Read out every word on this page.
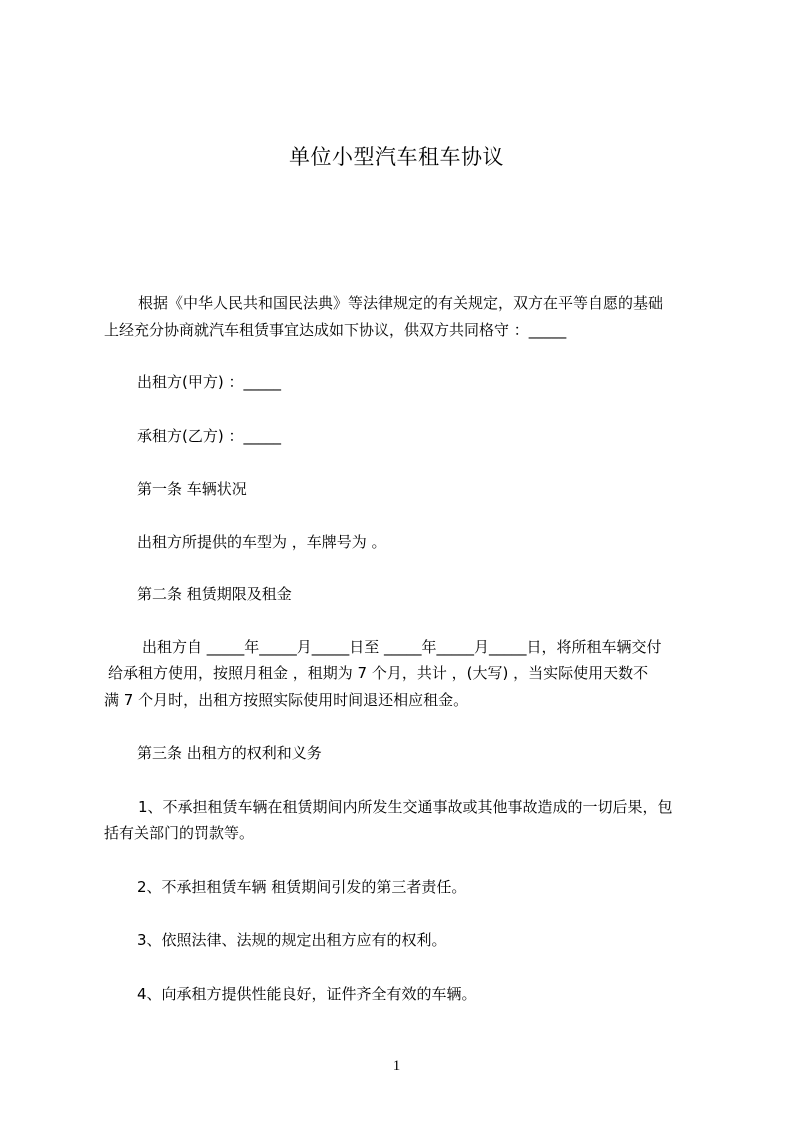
单位小型汽车租车协议
根据《中华人民共和国民法典》等法律规定的有关规定，双方在平等自愿的基础
上经充分协商就汽车租赁事宜达成如下协议，供双方共同格守 ：_____
出租方(甲方) ：_____
承租方(乙方) ：_____
第一条 车辆状况
出租方所提供的车型为 ，车牌号为 。
第二条 租赁期限及租金
出租方自 _____年_____月_____日至 _____年_____月_____日，将所租车辆交付
给承租方使用，按照月租金 ，租期为 7 个月，共计 ，(大写) ，当实际使用天数不
满 7 个月时，出租方按照实际使用时间退还相应租金。
第三条 出租方的权利和义务
1、不承担租赁车辆在租赁期间内所发生交通事故或其他事故造成的一切后果，包
括有关部门的罚款等。
2、不承担租赁车辆 租赁期间引发的第三者责任。
3、依照法律、法规的规定出租方应有的权利。
4、向承租方提供性能良好，证件齐全有效的车辆。
1
